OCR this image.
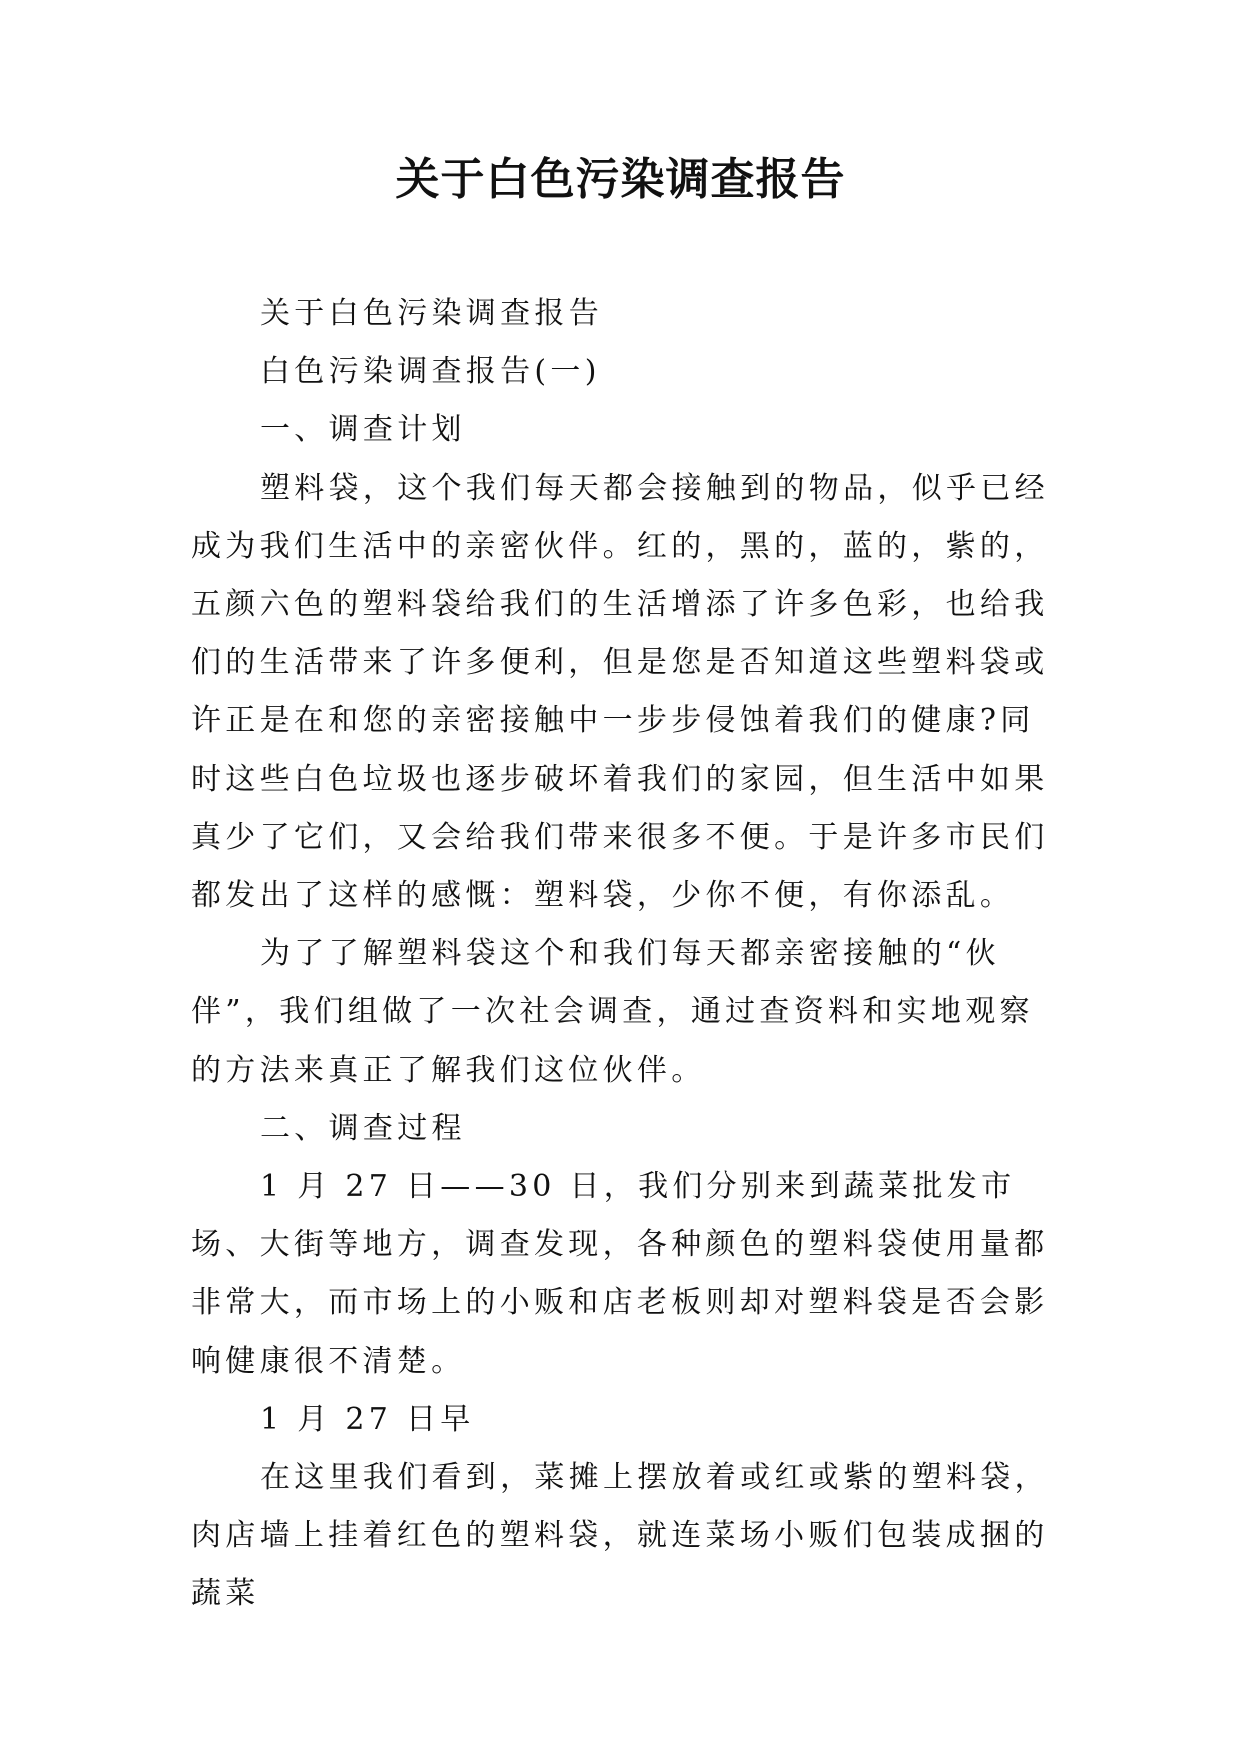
关于白色污染调查报告

关于白色污染调查报告

白色污染调查报告(一)

一、调查计划

塑料袋，这个我们每天都会接触到的物品，似乎已经成为我们生活中的亲密伙伴。红的，黑的，蓝的，紫的，五颜六色的塑料袋给我们的生活增添了许多色彩，也给我们的生活带来了许多便利，但是您是否知道这些塑料袋或许正是在和您的亲密接触中一步步侵蚀着我们的健康?同时这些白色垃圾也逐步破坏着我们的家园，但生活中如果真少了它们，又会给我们带来很多不便。于是许多市民们都发出了这样的感慨：塑料袋，少你不便，有你添乱。

为了了解塑料袋这个和我们每天都亲密接触的“伙伴”，我们组做了一次社会调查，通过查资料和实地观察的方法来真正了解我们这位伙伴。

二、调查过程

1 月 27 日——30 日，我们分别来到蔬菜批发市场、大街等地方，调查发现，各种颜色的塑料袋使用量都非常大，而市场上的小贩和店老板则却对塑料袋是否会影响健康很不清楚。

1 月 27 日早

在这里我们看到，菜摊上摆放着或红或紫的塑料袋，肉店墙上挂着红色的塑料袋，就连菜场小贩们包装成捆的蔬菜
